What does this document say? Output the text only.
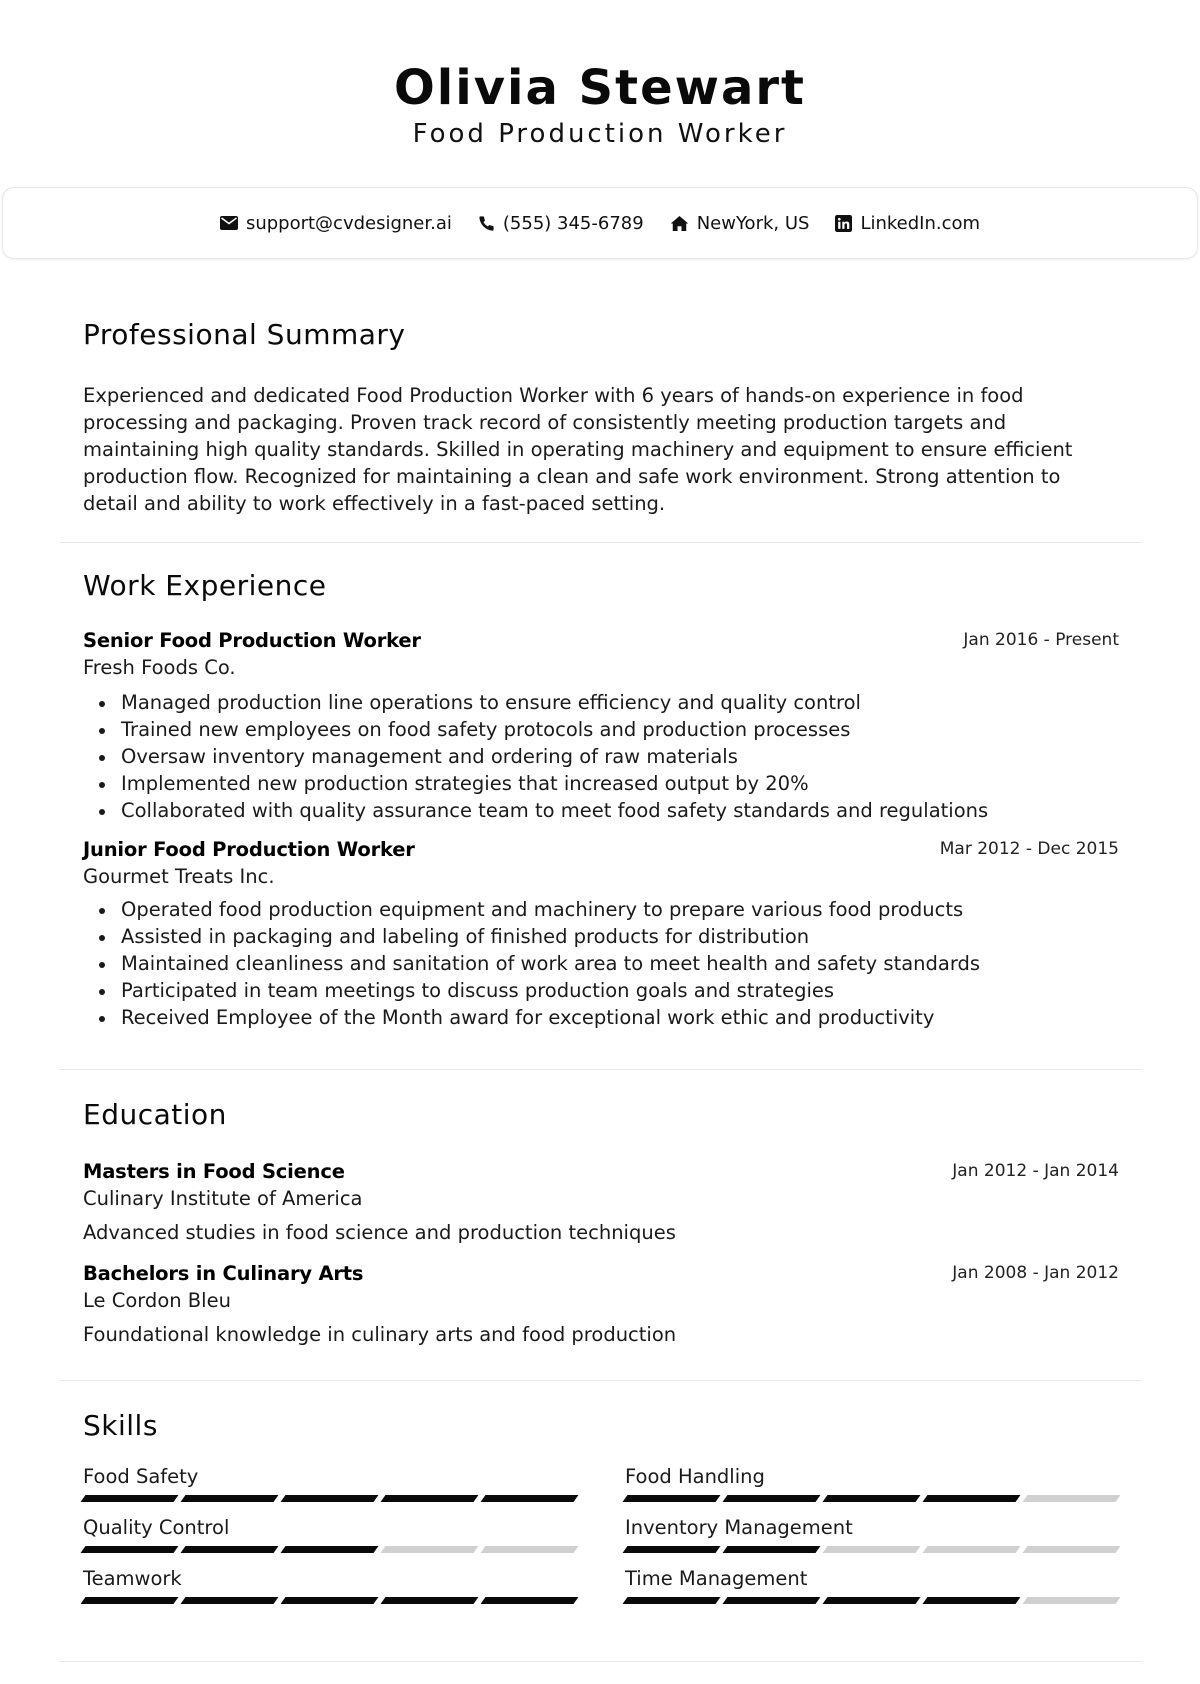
Olivia Stewart
Food Production Worker
support@cvdesigner.ai	(555) 345-6789	NewYork, US	LinkedIn.com
Professional Summary
Experienced and dedicated Food Production Worker with 6 years of hands-on experience in food processing and packaging. Proven track record of consistently meeting production targets and maintaining high quality standards. Skilled in operating machinery and equipment to ensure efficient production flow. Recognized for maintaining a clean and safe work environment. Strong attention to detail and ability to work effectively in a fast-paced setting.
Work Experience
Senior Food Production Worker	Jan 2016 - Present
Fresh Foods Co.
Managed production line operations to ensure efficiency and quality control
Trained new employees on food safety protocols and production processes
Oversaw inventory management and ordering of raw materials
Implemented new production strategies that increased output by 20%
Collaborated with quality assurance team to meet food safety standards and regulations
Junior Food Production Worker	Mar 2012 - Dec 2015
Gourmet Treats Inc.
Operated food production equipment and machinery to prepare various food products
Assisted in packaging and labeling of finished products for distribution
Maintained cleanliness and sanitation of work area to meet health and safety standards
Participated in team meetings to discuss production goals and strategies
Received Employee of the Month award for exceptional work ethic and productivity
Education
Masters in Food Science	Jan 2012 - Jan 2014
Culinary Institute of America
Advanced studies in food science and production techniques
Bachelors in Culinary Arts	Jan 2008 - Jan 2012
Le Cordon Bleu
Foundational knowledge in culinary arts and food production
Skills
Food Safety	Food Handling
Quality Control	Inventory Management
Teamwork	Time Management
